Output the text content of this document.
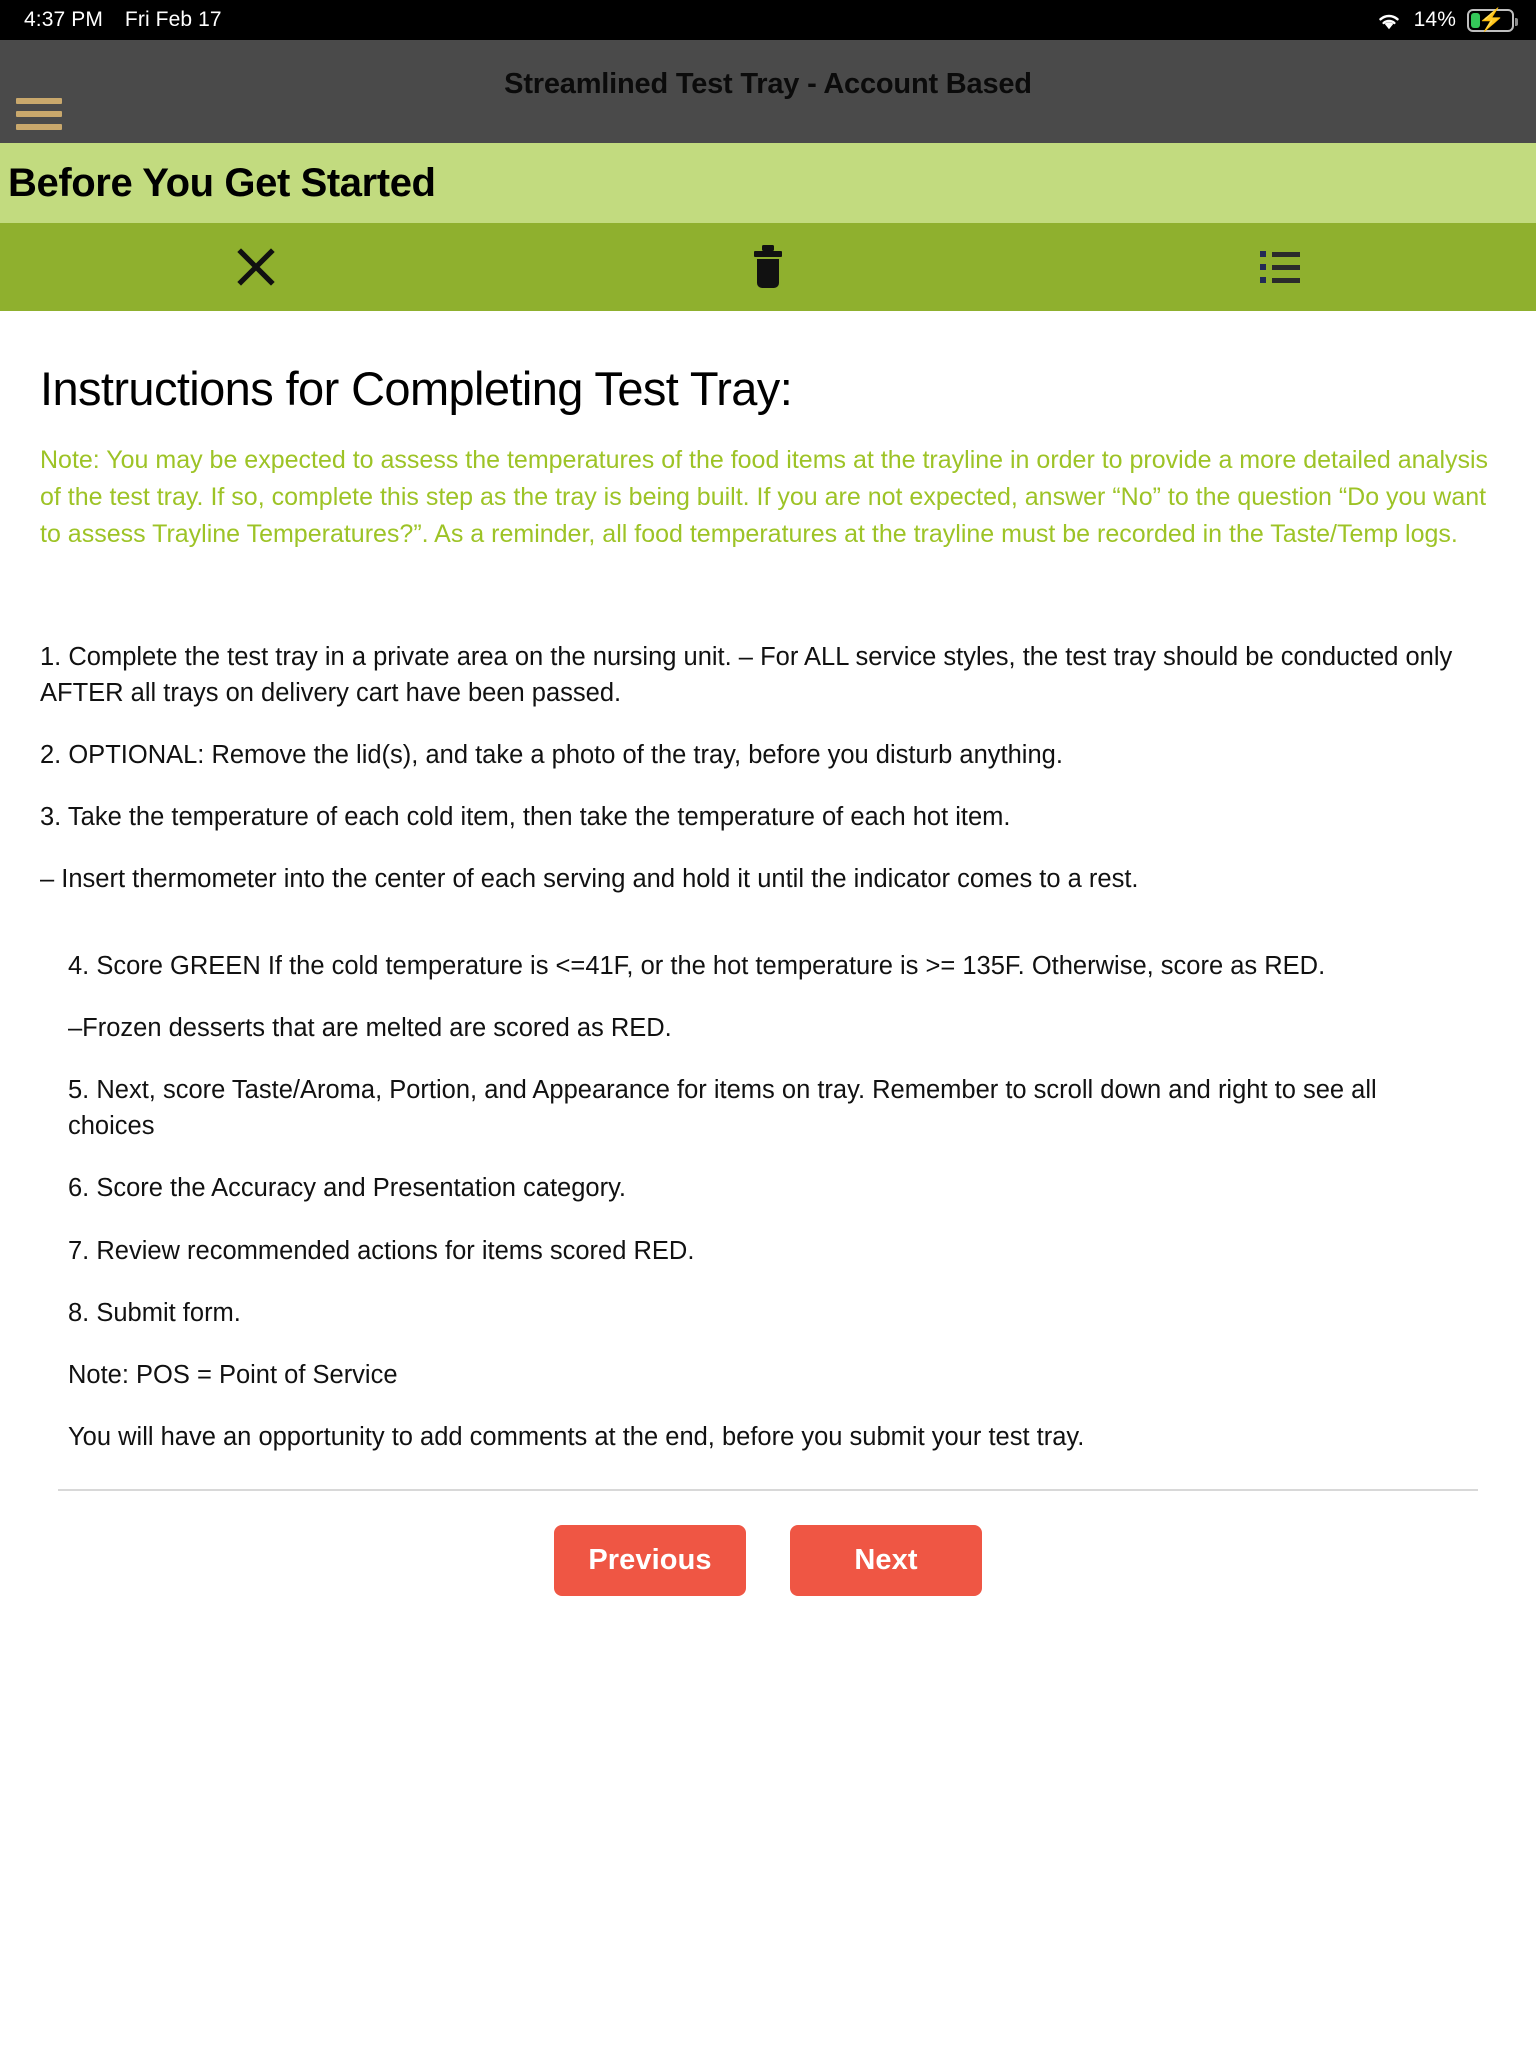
4:37 PM Fri Feb 17	14% ⚡
Streamlined Test Tray - Account Based
Before You Get Started
Instructions for Completing Test Tray:

Note: You may be expected to assess the temperatures of the food items at the trayline in order to provide a more detailed analysis of the test tray. If so, complete this step as the tray is being built. If you are not expected, answer “No” to the question “Do you want to assess Trayline Temperatures?”. As a reminder, all food temperatures at the trayline must be recorded in the Taste/Temp logs.

1. Complete the test tray in a private area on the nursing unit. – For ALL service styles, the test tray should be conducted only AFTER all trays on delivery cart have been passed.

2. OPTIONAL: Remove the lid(s), and take a photo of the tray, before you disturb anything.

3. Take the temperature of each cold item, then take the temperature of each hot item.

– Insert thermometer into the center of each serving and hold it until the indicator comes to a rest.

4. Score GREEN If the cold temperature is <=41F, or the hot temperature is >= 135F. Otherwise, score as RED.

–Frozen desserts that are melted are scored as RED.

5. Next, score Taste/Aroma, Portion, and Appearance for items on tray. Remember to scroll down and right to see all choices

6. Score the Accuracy and Presentation category.

7. Review recommended actions for items scored RED.

8. Submit form.

Note: POS = Point of Service

You will have an opportunity to add comments at the end, before you submit your test tray.

Previous	Next
